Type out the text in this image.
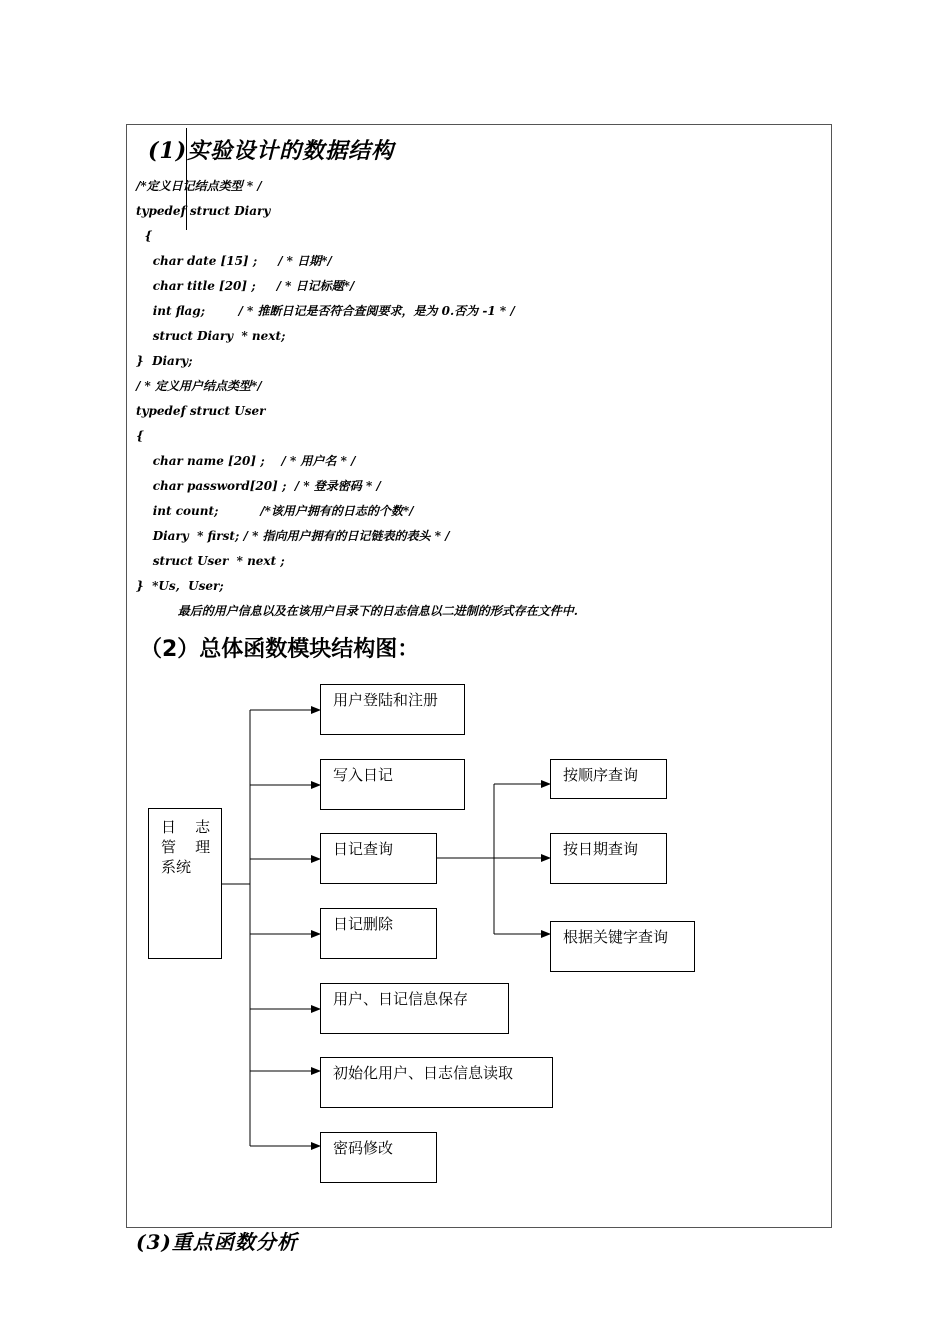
(1)实验设计的数据结构
/*定义日记结点类型 * /
typedef struct Diary
{
char date [15] ;     / * 日期*/
char title [20] ;     / * 日记标题*/
int flag;        / * 推断日记是否符合查阅要求，是为 0.否为 -1 * /
struct Diary  * next;
}  Diary;
/ * 定义用户结点类型*/
typedef struct User
{
char name [20] ;    / * 用户名 * /
char password[20] ;  / * 登录密码 * /
int count;          /*该用户拥有的日志的个数*/
Diary  * first; / * 指向用户拥有的日记链表的表头 * /
struct User  * next ;
}  *Us,  User;
最后的用户信息以及在该用户目录下的日志信息以二进制的形式存在文件中.
（2）总体函数模块结构图：
日    志
管    理
系统
用户登陆和注册
写入日记
日记查询
日记删除
用户、日记信息保存
初始化用户、日志信息读取
密码修改
按顺序查询
按日期查询
根据关键字查询
(3)重点函数分析
